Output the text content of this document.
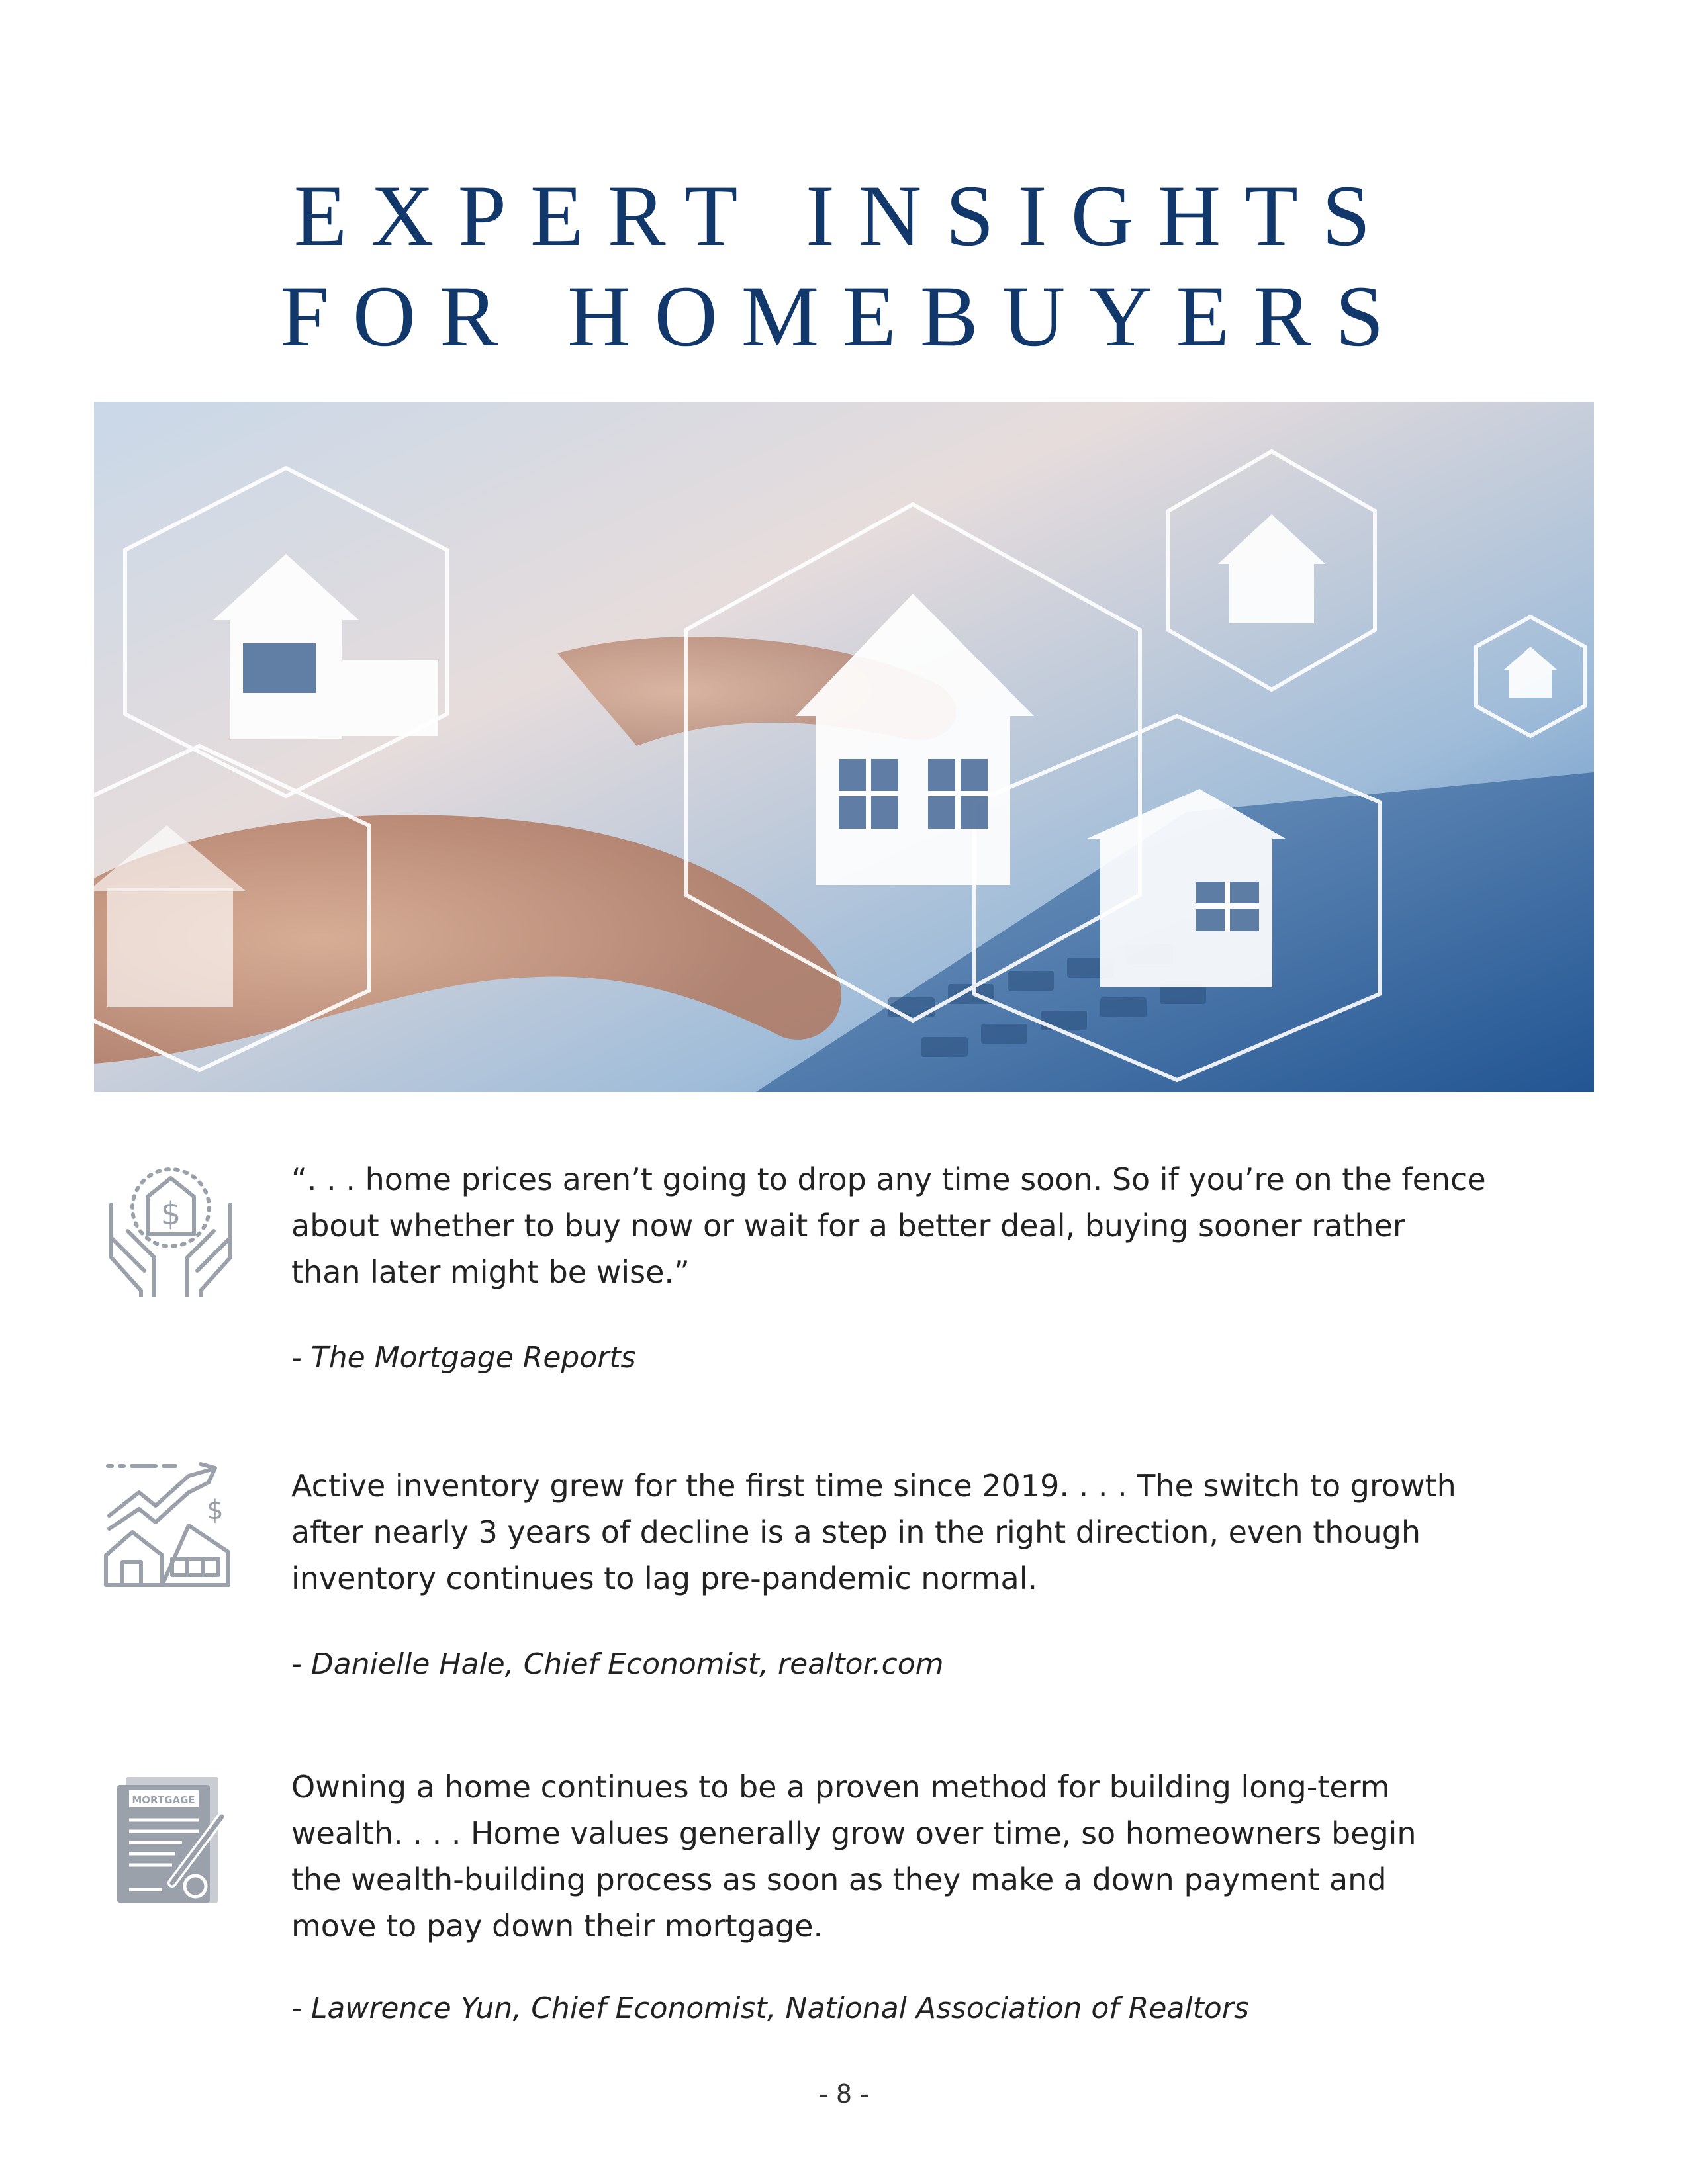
EXPERT INSIGHTS
FOR HOMEBUYERS
$
“. . . home prices aren’t going to drop any time soon. So if you’re on the fence
about whether to buy now or wait for a better deal, buying sooner rather
than later might be wise.”
- The Mortgage Reports
$
Active inventory grew for the first time since 2019. . . . The switch to growth
after nearly 3 years of decline is a step in the right direction, even though
inventory continues to lag pre-pandemic normal.
- Danielle Hale, Chief Economist, realtor.com
MORTGAGE	Owning a home continues to be a proven method for building long-term
wealth. . . . Home values generally grow over time, so homeowners begin
the wealth-building process as soon as they make a down payment and
move to pay down their mortgage.
- Lawrence Yun, Chief Economist, National Association of Realtors
- 8 -
